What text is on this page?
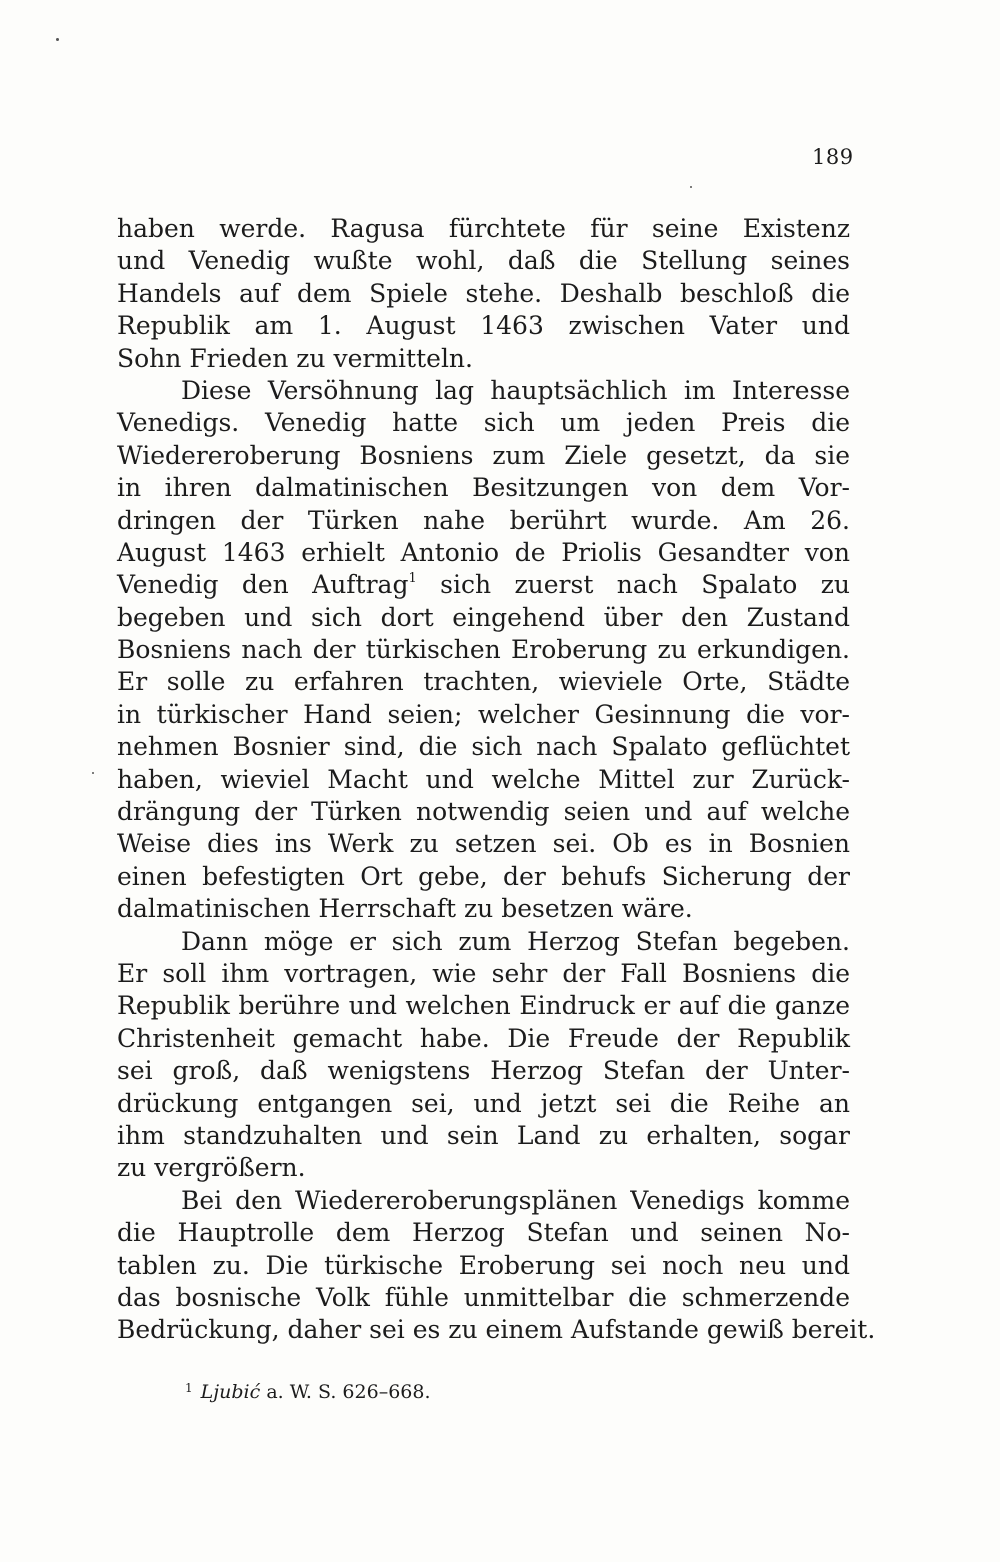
189
haben werde. Ragusa fürchtete für seine Existenz
und Venedig wußte wohl, daß die Stellung seines
Handels auf dem Spiele stehe. Deshalb beschloß die
Republik am 1. August 1463 zwischen Vater und
Sohn Frieden zu vermitteln.
Diese Versöhnung lag hauptsächlich im Interesse
Venedigs. Venedig hatte sich um jeden Preis die
Wiedereroberung Bosniens zum Ziele gesetzt, da sie
in ihren dalmatinischen Besitzungen von dem Vor-
dringen der Türken nahe berührt wurde. Am 26.
August 1463 erhielt Antonio de Priolis Gesandter von
Venedig den Auftrag$^1$ sich zuerst nach Spalato zu
begeben und sich dort eingehend über den Zustand
Bosniens nach der türkischen Eroberung zu erkundigen.
Er solle zu erfahren trachten, wieviele Orte, Städte
in türkischer Hand seien; welcher Gesinnung die vor-
nehmen Bosnier sind, die sich nach Spalato geflüchtet
haben, wieviel Macht und welche Mittel zur Zurück-
drängung der Türken notwendig seien und auf welche
Weise dies ins Werk zu setzen sei. Ob es in Bosnien
einen befestigten Ort gebe, der behufs Sicherung der
dalmatinischen Herrschaft zu besetzen wäre.
Dann möge er sich zum Herzog Stefan begeben.
Er soll ihm vortragen, wie sehr der Fall Bosniens die
Republik berühre und welchen Eindruck er auf die ganze
Christenheit gemacht habe. Die Freude der Republik
sei groß, daß wenigstens Herzog Stefan der Unter-
drückung entgangen sei, und jetzt sei die Reihe an
ihm standzuhalten und sein Land zu erhalten, sogar
zu vergrößern.
Bei den Wiedereroberungsplänen Venedigs komme
die Hauptrolle dem Herzog Stefan und seinen No-
tablen zu. Die türkische Eroberung sei noch neu und
das bosnische Volk fühle unmittelbar die schmerzende
Bedrückung, daher sei es zu einem Aufstande gewiß bereit.
$^1$ Ljubić a. W. S. 626–668.
